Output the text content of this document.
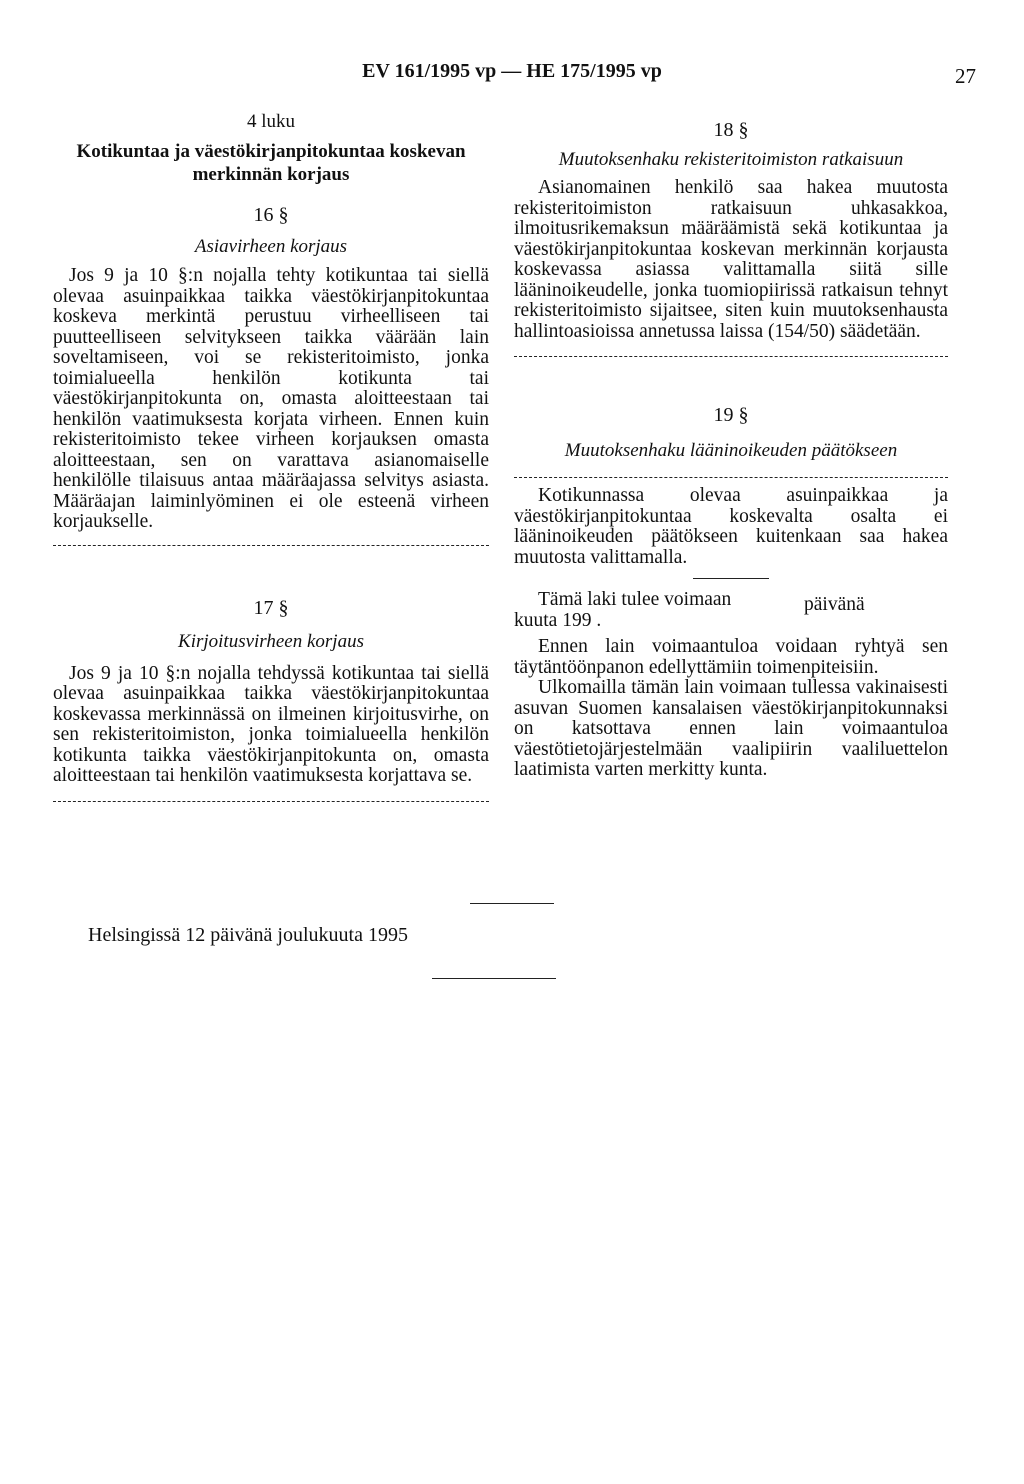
EV 161/1995 vp — HE 175/1995 vp	27
4 luku
Kotikuntaa ja väestökirjanpitokuntaa koskevan
merkinnän korjaus
16 §
Asiavirheen korjaus

Jos 9 ja 10 §:n nojalla tehty kotikuntaa tai siellä olevaa asuinpaikkaa taikka väestökirjanpitokuntaa koskeva merkintä perustuu virheelliseen tai puutteelliseen selvitykseen taikka väärään lain soveltamiseen, voi se rekisteritoimisto, jonka toimialueella henkilön kotikunta tai väestökirjanpitokunta on, omasta aloitteestaan tai henkilön vaatimuksesta korjata virheen. Ennen kuin rekisteritoimisto tekee virheen korjauksen omasta aloitteestaan, sen on varattava asianomaiselle henkilölle tilaisuus antaa määräajassa selvitys asiasta. Määräajan laiminlyöminen ei ole esteenä virheen korjaukselle.

17 §
Kirjoitusvirheen korjaus

Jos 9 ja 10 §:n nojalla tehdyssä kotikuntaa tai siellä olevaa asuinpaikkaa taikka väestökirjanpitokuntaa koskevassa merkinnässä on ilmeinen kirjoitusvirhe, on sen rekisteritoimiston, jonka toimialueella henkilön kotikunta taikka väestökirjanpitokunta on, omasta aloitteestaan tai henkilön vaatimuksesta korjattava se.

18 §
Muutoksenhaku rekisteritoimiston ratkaisuun

Asianomainen henkilö saa hakea muutosta rekisteritoimiston ratkaisuun uhkasakkoa, ilmoitusrikemaksun määräämistä sekä kotikuntaa ja väestökirjanpitokuntaa koskevan merkinnän korjausta koskevassa asiassa valittamalla siitä sille lääninoikeudelle, jonka tuomiopiirissä ratkaisun tehnyt rekisteritoimisto sijaitsee, siten kuin muutoksenhausta hallintoasioissa annetussa laissa (154/50) säädetään.

19 §
Muutoksenhaku lääninoikeuden päätökseen

Kotikunnassa olevaa asuinpaikkaa ja väestökirjanpitokuntaa koskevalta osalta ei lääninoikeuden päätökseen kuitenkaan saa hakea muutosta valittamalla.

Tämä laki tulee voimaan	päivänä
kuuta 199 .

Ennen lain voimaantuloa voidaan ryhtyä sen täytäntöönpanon edellyttämiin toimenpiteisiin.

Ulkomailla tämän lain voimaan tullessa vakinaisesti asuvan Suomen kansalaisen väestökirjanpitokunnaksi on katsottava ennen lain voimaantuloa väestötietojärjestelmään vaalipiirin vaaliluettelon laatimista varten merkitty kunta.

Helsingissä 12 päivänä joulukuuta 1995
